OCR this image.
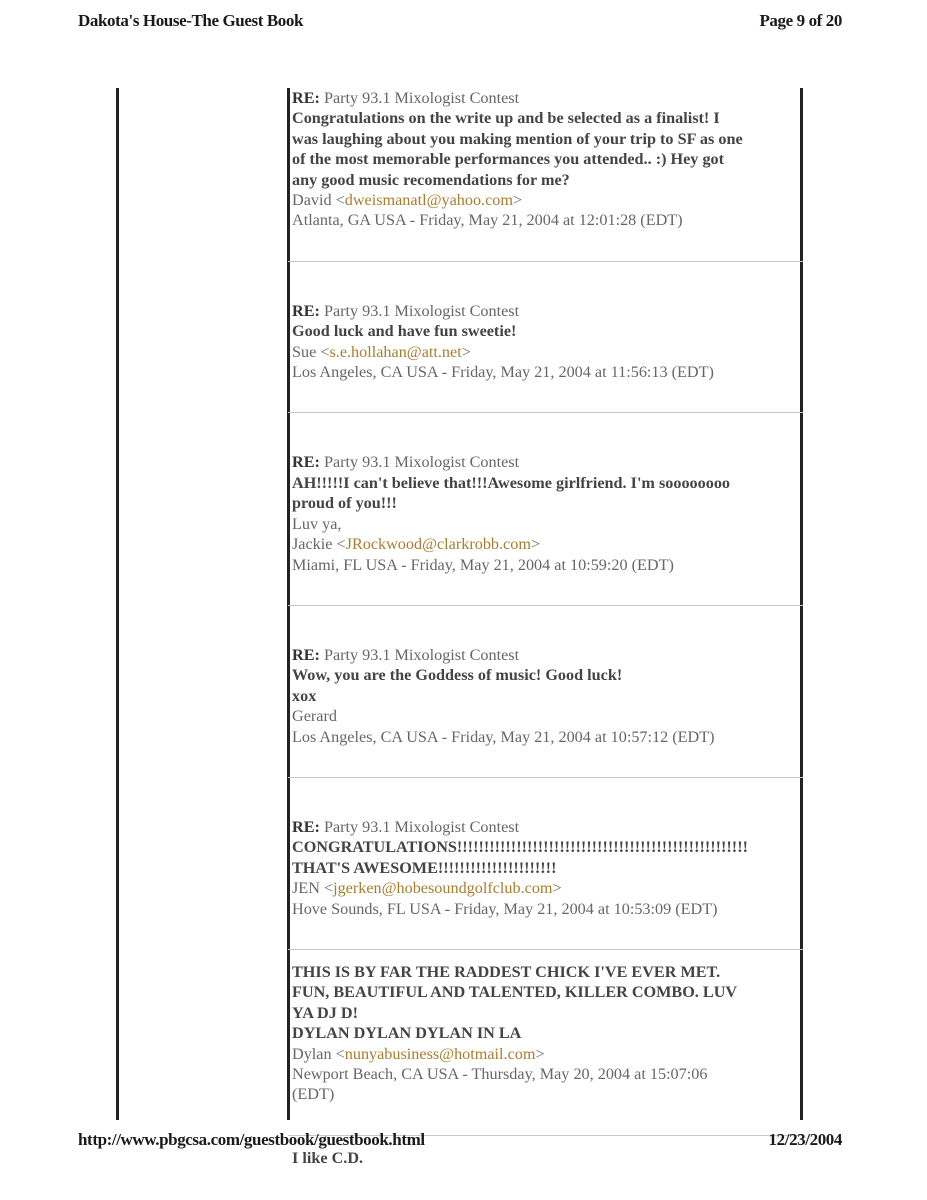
Dakota's House-The Guest Book	Page 9 of 20
RE: Party 93.1 Mixologist Contest
Congratulations on the write up and be selected as a finalist! I
was laughing about you making mention of your trip to SF as one
of the most memorable performances you attended.. :) Hey got
any good music recomendations for me?
David <dweismanatl@yahoo.com>
Atlanta, GA USA - Friday, May 21, 2004 at 12:01:28 (EDT)
RE: Party 93.1 Mixologist Contest
Good luck and have fun sweetie!
Sue <s.e.hollahan@att.net>
Los Angeles, CA USA - Friday, May 21, 2004 at 11:56:13 (EDT)
RE: Party 93.1 Mixologist Contest
AH!!!!!I can't believe that!!!Awesome girlfriend. I'm soooooooo
proud of you!!!
Luv ya,
Jackie <JRockwood@clarkrobb.com>
Miami, FL USA - Friday, May 21, 2004 at 10:59:20 (EDT)
RE: Party 93.1 Mixologist Contest
Wow, you are the Goddess of music! Good luck!
xox
Gerard
Los Angeles, CA USA - Friday, May 21, 2004 at 10:57:12 (EDT)
RE: Party 93.1 Mixologist Contest
CONGRATULATIONS!!!!!!!!!!!!!!!!!!!!!!!!!!!!!!!!!!!!!!!!!!!!!!!!!!!!!!
THAT'S AWESOME!!!!!!!!!!!!!!!!!!!!!!
JEN <jgerken@hobesoundgolfclub.com>
Hove Sounds, FL USA - Friday, May 21, 2004 at 10:53:09 (EDT)
THIS IS BY FAR THE RADDEST CHICK I'VE EVER MET.
FUN, BEAUTIFUL AND TALENTED, KILLER COMBO. LUV
YA DJ D!
DYLAN DYLAN DYLAN IN LA
Dylan <nunyabusiness@hotmail.com>
Newport Beach, CA USA - Thursday, May 20, 2004 at 15:07:06
(EDT)
I like C.D.
http://www.pbgcsa.com/guestbook/guestbook.html	12/23/2004
